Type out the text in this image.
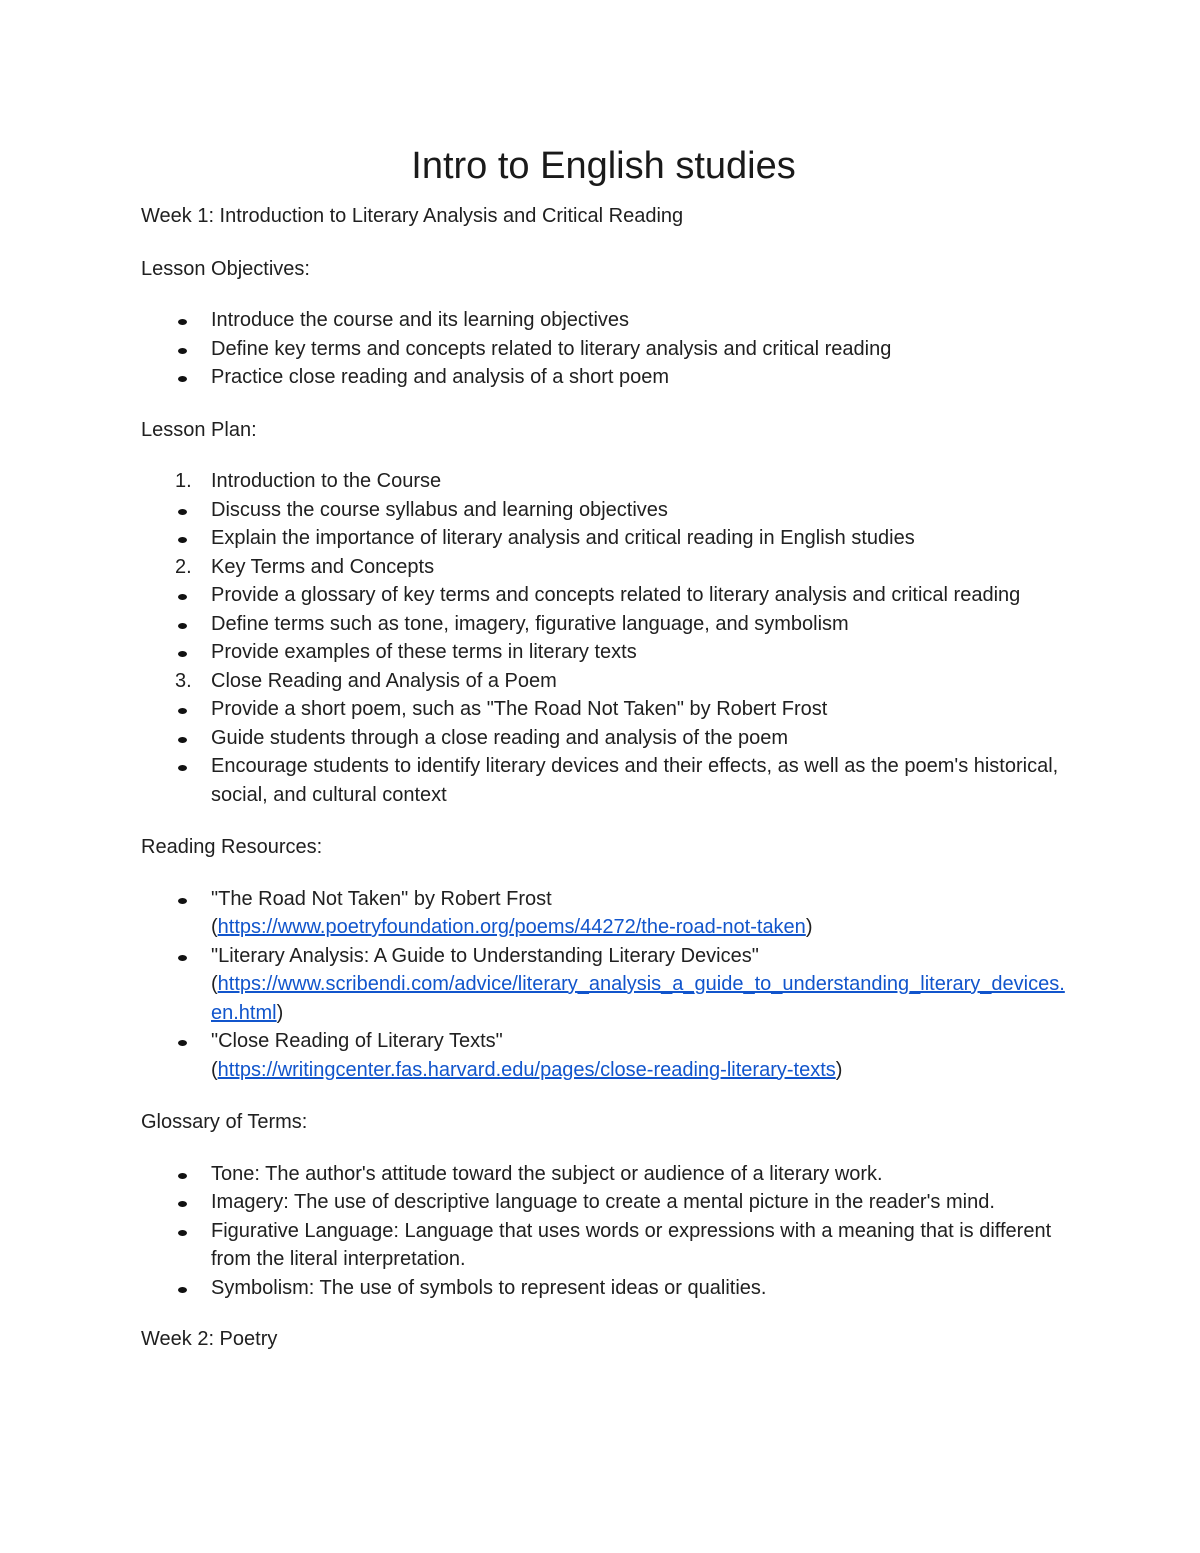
Intro to English studies

Week 1: Introduction to Literary Analysis and Critical Reading

Lesson Objectives:

Introduce the course and its learning objectives
Define key terms and concepts related to literary analysis and critical reading
Practice close reading and analysis of a short poem

Lesson Plan:

1. Introduction to the Course
Discuss the course syllabus and learning objectives
Explain the importance of literary analysis and critical reading in English studies
2. Key Terms and Concepts
Provide a glossary of key terms and concepts related to literary analysis and critical reading
Define terms such as tone, imagery, figurative language, and symbolism
Provide examples of these terms in literary texts
3. Close Reading and Analysis of a Poem
Provide a short poem, such as "The Road Not Taken" by Robert Frost
Guide students through a close reading and analysis of the poem
Encourage students to identify literary devices and their effects, as well as the poem's historical, social, and cultural context

Reading Resources:

"The Road Not Taken" by Robert Frost
(https://www.poetryfoundation.org/poems/44272/the-road-not-taken)
"Literary Analysis: A Guide to Understanding Literary Devices"
(https://www.scribendi.com/advice/literary_analysis_a_guide_to_understanding_literary_devices.en.html)
"Close Reading of Literary Texts"
(https://writingcenter.fas.harvard.edu/pages/close-reading-literary-texts)

Glossary of Terms:

Tone: The author's attitude toward the subject or audience of a literary work.
Imagery: The use of descriptive language to create a mental picture in the reader's mind.
Figurative Language: Language that uses words or expressions with a meaning that is different from the literal interpretation.
Symbolism: The use of symbols to represent ideas or qualities.

Week 2: Poetry
